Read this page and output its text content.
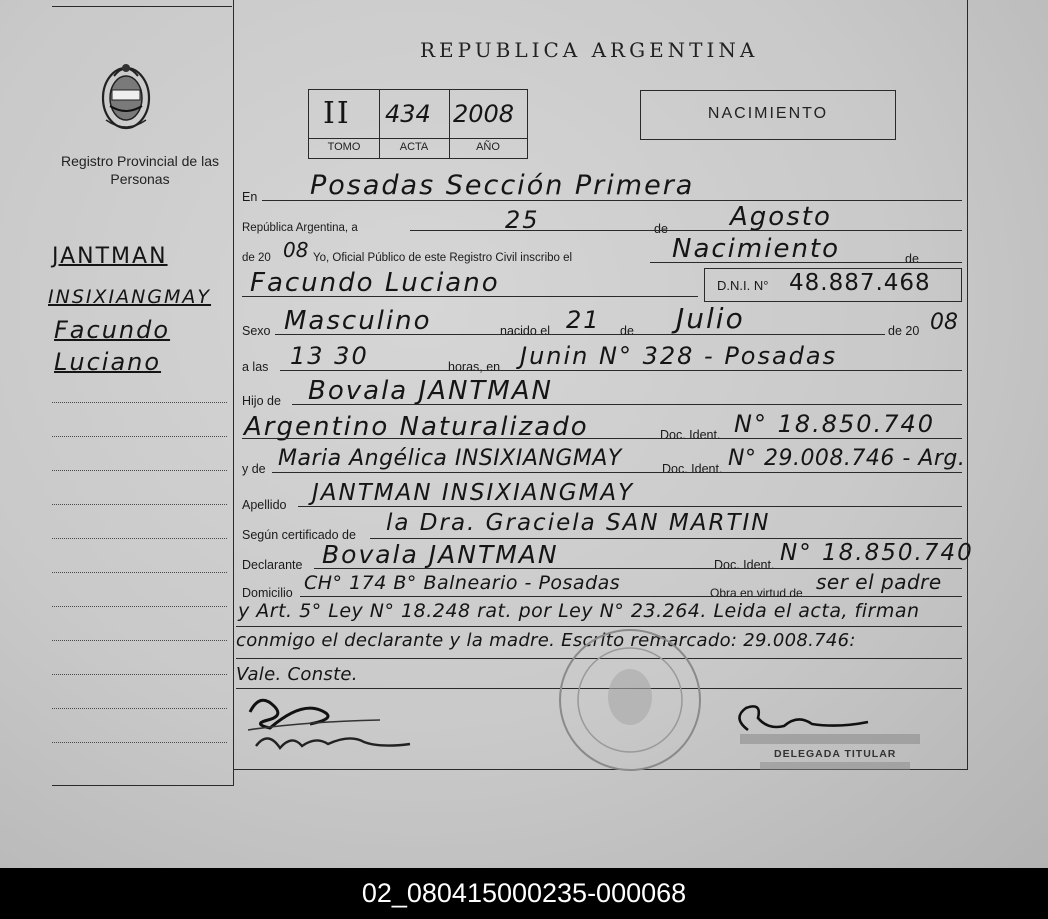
Registro Provincial de las Personas
REPUBLICA ARGENTINA
II 434 2008
TOMO	ACTA	AÑO
NACIMIENTO
JANTMAN
INSIXIANGMAY
Facundo
Luciano
En Posadas Sección Primera
República Argentina, a	25	de Agosto
de 20 08 Yo, Oficial Público de este Registro Civil inscribo el	Nacimiento	de
Facundo Luciano	D.N.I. N° 48.887.468
Sexo Masculino	nacido el 21 de Julio	de 20 08
a las 13 30	horas, en Junin N° 328 - Posadas
Hijo de Bovala JANTMAN
Argentino Naturalizado	Doc. Ident. N° 18.850.740
y de Maria Angélica INSIXIANGMAY	Doc. Ident. N° 29.008.746 - Arg.
Apellido JANTMAN INSIXIANGMAY
Según certificado de la Dra. Graciela SAN MARTIN
Declarante Bovala JANTMAN	Doc. Ident. N° 18.850.740
Domicilio CH° 174 B° Balneario - Posadas	Obra en virtud de ser el padre
y Art. 5° Ley N° 18.248 rat. por Ley N° 23.264. Leida el acta, firman
conmigo el declarante y la madre. Escrito remarcado: 29.008.746:
Vale. Conste.
DELEGADA TITULAR
02_080415000235-000068
